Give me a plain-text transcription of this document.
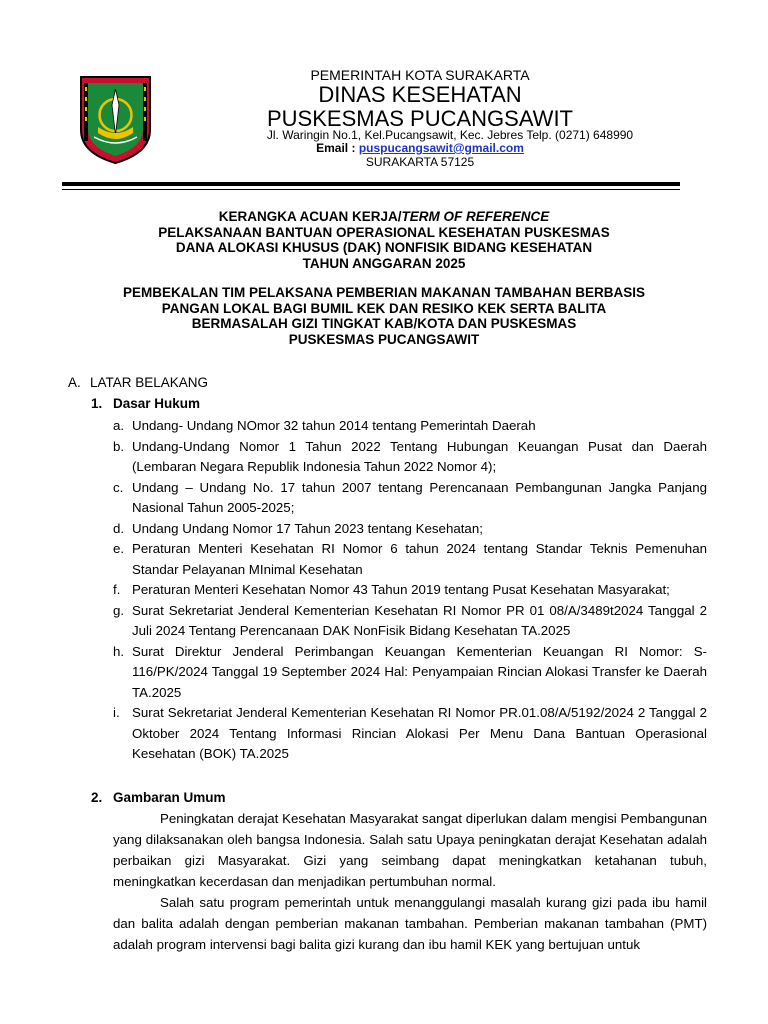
PEMERINTAH KOTA SURAKARTA
DINAS KESEHATAN
PUSKESMAS PUCANGSAWIT
Jl. Waringin No.1, Kel.Pucangsawit, Kec. Jebres Telp. (0271) 648990
Email : puspucangsawit@gmail.com
SURAKARTA 57125
KERANGKA ACUAN KERJA/TERM OF REFERENCE
PELAKSANAAN BANTUAN OPERASIONAL KESEHATAN PUSKESMAS
DANA ALOKASI KHUSUS (DAK) NONFISIK BIDANG KESEHATAN
TAHUN ANGGARAN 2025
PEMBEKALAN TIM PELAKSANA PEMBERIAN MAKANAN TAMBAHAN BERBASIS
PANGAN LOKAL BAGI BUMIL KEK DAN RESIKO KEK SERTA BALITA
BERMASALAH GIZI TINGKAT KAB/KOTA DAN PUSKESMAS
PUSKESMAS PUCANGSAWIT
A. LATAR BELAKANG
1. Dasar Hukum
a. Undang- Undang NOmor 32 tahun 2014 tentang Pemerintah Daerah
b. Undang-Undang Nomor 1 Tahun 2022 Tentang Hubungan Keuangan Pusat dan Daerah (Lembaran Negara Republik Indonesia Tahun 2022 Nomor 4);
c. Undang – Undang No. 17 tahun 2007 tentang Perencanaan Pembangunan Jangka Panjang Nasional Tahun 2005-2025;
d. Undang Undang Nomor 17 Tahun 2023 tentang Kesehatan;
e. Peraturan Menteri Kesehatan RI Nomor 6 tahun 2024 tentang Standar Teknis Pemenuhan Standar Pelayanan MInimal Kesehatan
f. Peraturan Menteri Kesehatan Nomor 43 Tahun 2019 tentang Pusat Kesehatan Masyarakat;
g. Surat Sekretariat Jenderal Kementerian Kesehatan RI Nomor PR 01 08/A/3489t2024 Tanggal 2 Juli 2024 Tentang Perencanaan DAK NonFisik Bidang Kesehatan TA.2025
h. Surat Direktur Jenderal Perimbangan Keuangan Kementerian Keuangan RI Nomor: S-116/PK/2024 Tanggal 19 September 2024 Hal: Penyampaian Rincian Alokasi Transfer ke Daerah TA.2025
i. Surat Sekretariat Jenderal Kementerian Kesehatan RI Nomor PR.01.08/A/5192/2024 2 Tanggal 2 Oktober 2024 Tentang Informasi Rincian Alokasi Per Menu Dana Bantuan Operasional Kesehatan (BOK) TA.2025
2. Gambaran Umum
Peningkatan derajat Kesehatan Masyarakat sangat diperlukan dalam mengisi Pembangunan yang dilaksanakan oleh bangsa Indonesia. Salah satu Upaya peningkatan derajat Kesehatan adalah perbaikan gizi Masyarakat. Gizi yang seimbang dapat meningkatkan ketahanan tubuh, meningkatkan kecerdasan dan menjadikan pertumbuhan normal.
Salah satu program pemerintah untuk menanggulangi masalah kurang gizi pada ibu hamil dan balita adalah dengan pemberian makanan tambahan. Pemberian makanan tambahan (PMT) adalah program intervensi bagi balita gizi kurang dan ibu hamil KEK yang bertujuan untuk
